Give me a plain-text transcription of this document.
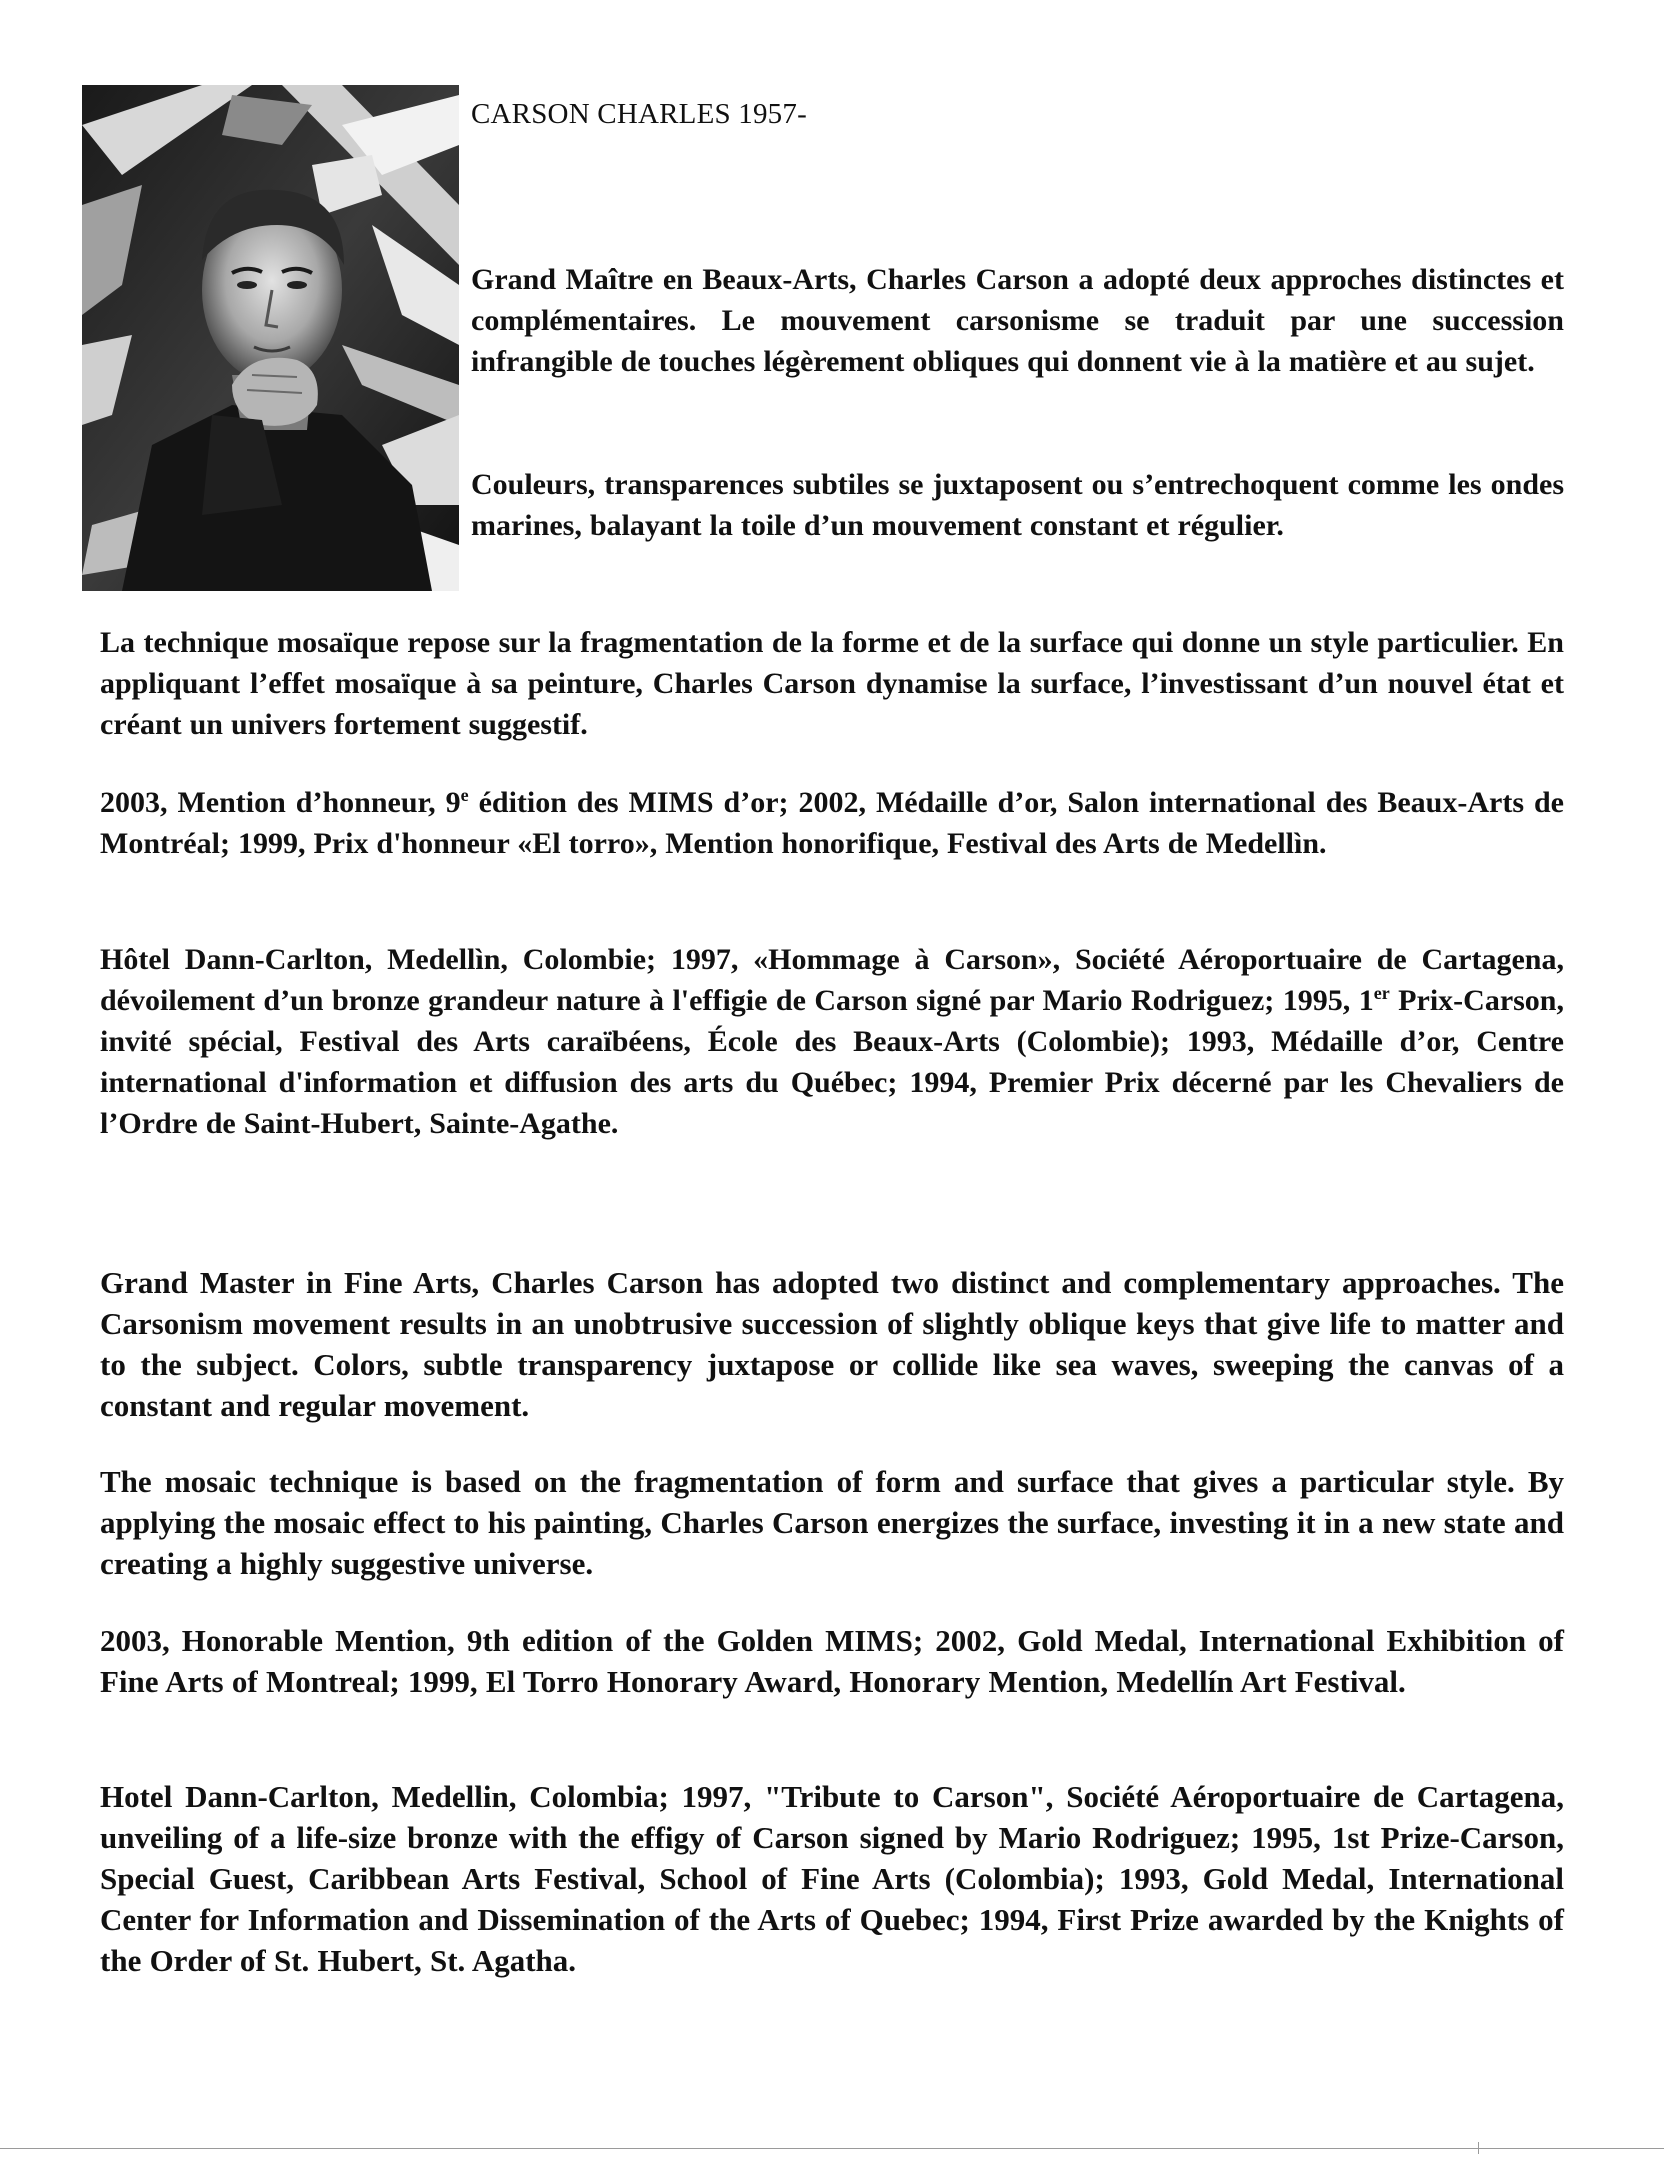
CARSON CHARLES 1957-

Grand Maître en Beaux-Arts, Charles Carson a adopté deux approches distinctes et complémentaires. Le mouvement carsonisme se traduit par une succession infrangible de touches légèrement obliques qui donnent vie à la matière et au sujet.

Couleurs, transparences subtiles se juxtaposent ou s’entrechoquent comme les ondes marines, balayant la toile d’un mouvement constant et régulier.

La technique mosaïque repose sur la fragmentation de la forme et de la surface qui donne un style particulier. En appliquant l’effet mosaïque à sa peinture, Charles Carson dynamise la surface, l’investissant d’un nouvel état et créant un univers fortement suggestif.

2003, Mention d’honneur, 9e édition des MIMS d’or; 2002, Médaille d’or, Salon international des Beaux-Arts de Montréal; 1999, Prix d'honneur «El torro», Mention honorifique, Festival des Arts de Medellìn.

Hôtel Dann-Carlton, Medellìn, Colombie; 1997, «Hommage à Carson», Société Aéroportuaire de Cartagena, dévoilement d’un bronze grandeur nature à l'effigie de Carson signé par Mario Rodriguez; 1995, 1er Prix-Carson, invité spécial, Festival des Arts caraïbéens, École des Beaux-Arts (Colombie); 1993, Médaille d’or, Centre international d'information et diffusion des arts du Québec; 1994, Premier Prix décerné par les Chevaliers de l’Ordre de Saint-Hubert, Sainte-Agathe.

Grand Master in Fine Arts, Charles Carson has adopted two distinct and complementary approaches. The Carsonism movement results in an unobtrusive succession of slightly oblique keys that give life to matter and to the subject. Colors, subtle transparency juxtapose or collide like sea waves, sweeping the canvas of a constant and regular movement.

The mosaic technique is based on the fragmentation of form and surface that gives a particular style. By applying the mosaic effect to his painting, Charles Carson energizes the surface, investing it in a new state and creating a highly suggestive universe.

2003, Honorable Mention, 9th edition of the Golden MIMS; 2002, Gold Medal, International Exhibition of Fine Arts of Montreal; 1999, El Torro Honorary Award, Honorary Mention, Medellín Art Festival.

Hotel Dann-Carlton, Medellin, Colombia; 1997, "Tribute to Carson", Société Aéroportuaire de Cartagena, unveiling of a life-size bronze with the effigy of Carson signed by Mario Rodriguez; 1995, 1st Prize-Carson, Special Guest, Caribbean Arts Festival, School of Fine Arts (Colombia); 1993, Gold Medal, International Center for Information and Dissemination of the Arts of Quebec; 1994, First Prize awarded by the Knights of the Order of St. Hubert, St. Agatha.
